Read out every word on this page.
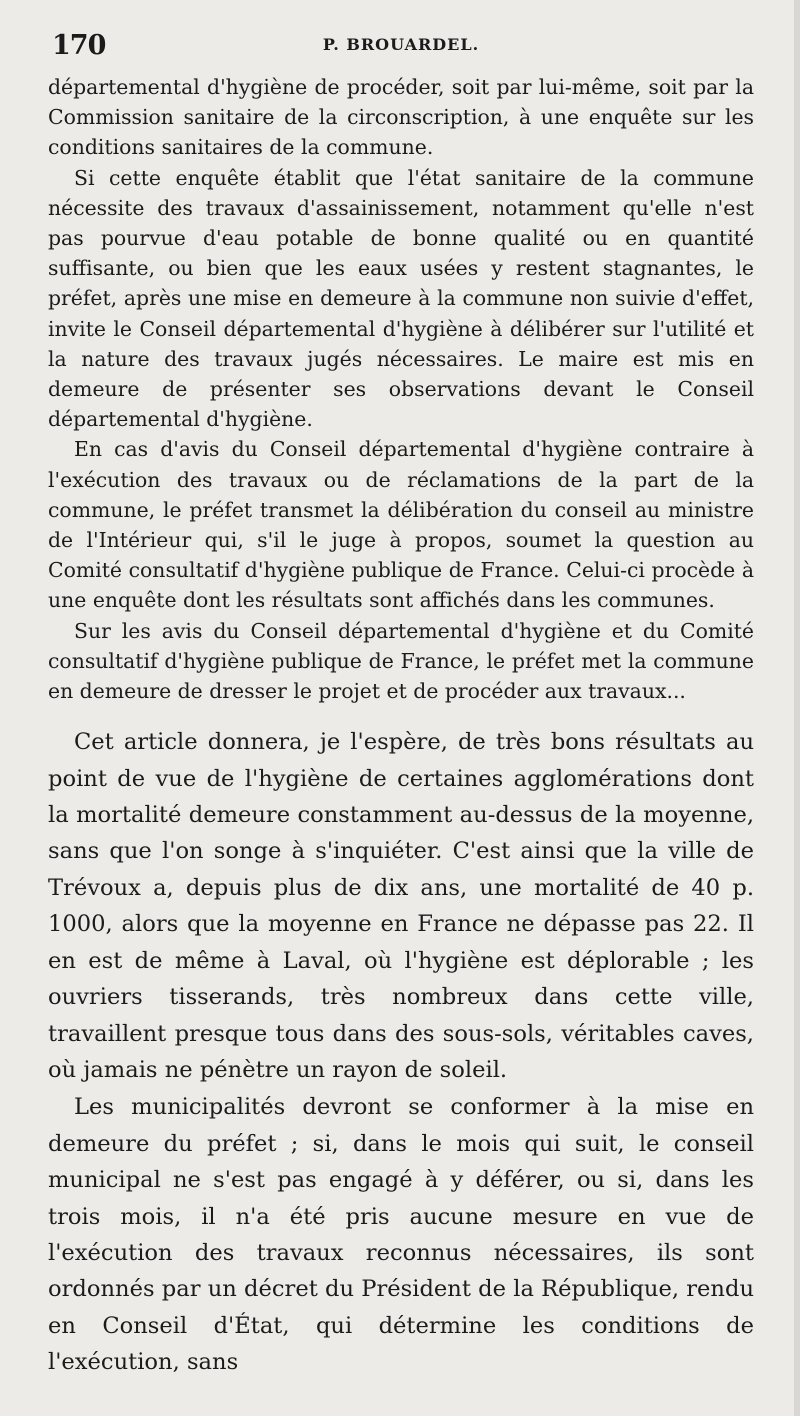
170	P. BROUARDEL.

départemental d'hygiène de procéder, soit par lui-même, soit par la Commission sanitaire de la circonscription, à une enquête sur les conditions sanitaires de la commune.

Si cette enquête établit que l'état sanitaire de la commune nécessite des travaux d'assainissement, notamment qu'elle n'est pas pourvue d'eau potable de bonne qualité ou en quantité suffisante, ou bien que les eaux usées y restent stagnantes, le préfet, après une mise en demeure à la commune non suivie d'effet, invite le Conseil départemental d'hygiène à délibérer sur l'utilité et la nature des travaux jugés nécessaires. Le maire est mis en demeure de présenter ses observations devant le Conseil départemental d'hygiène.

En cas d'avis du Conseil départemental d'hygiène contraire à l'exécution des travaux ou de réclamations de la part de la commune, le préfet transmet la délibération du conseil au ministre de l'Intérieur qui, s'il le juge à propos, soumet la question au Comité consultatif d'hygiène publique de France. Celui-ci procède à une enquête dont les résultats sont affichés dans les communes.

Sur les avis du Conseil départemental d'hygiène et du Comité consultatif d'hygiène publique de France, le préfet met la commune en demeure de dresser le projet et de procéder aux travaux...

Cet article donnera, je l'espère, de très bons résultats au point de vue de l'hygiène de certaines agglomérations dont la mortalité demeure constamment au-dessus de la moyenne, sans que l'on songe à s'inquiéter. C'est ainsi que la ville de Trévoux a, depuis plus de dix ans, une mortalité de 40 p. 1000, alors que la moyenne en France ne dépasse pas 22. Il en est de même à Laval, où l'hygiène est déplorable ; les ouvriers tisserands, très nombreux dans cette ville, travaillent presque tous dans des sous-sols, véritables caves, où jamais ne pénètre un rayon de soleil.

Les municipalités devront se conformer à la mise en demeure du préfet ; si, dans le mois qui suit, le conseil municipal ne s'est pas engagé à y déférer, ou si, dans les trois mois, il n'a été pris aucune mesure en vue de l'exécution des travaux reconnus nécessaires, ils sont ordonnés par un décret du Président de la République, rendu en Conseil d'État, qui détermine les conditions de l'exécution, sans
